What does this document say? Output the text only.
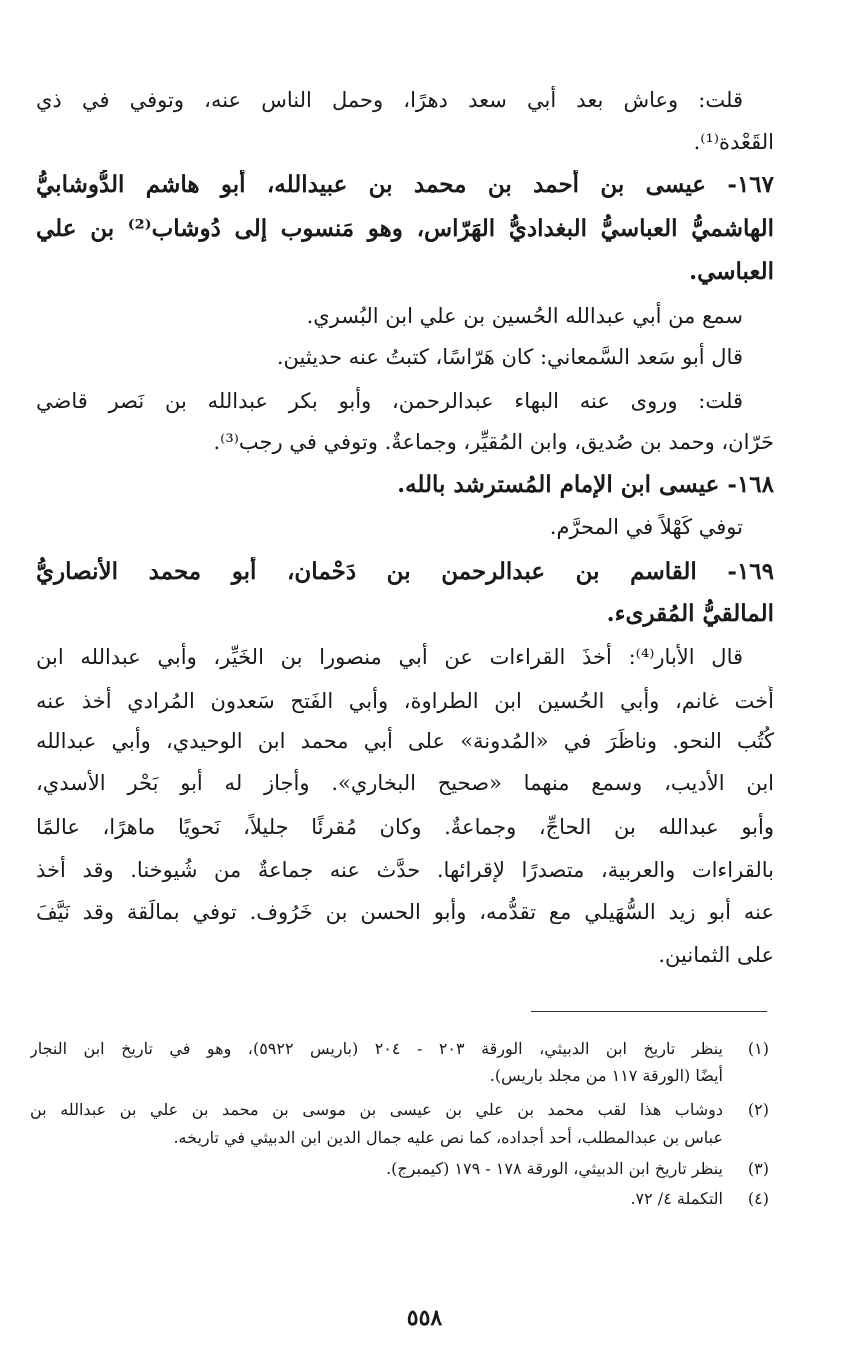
قلت: وعاش بعد أبي سعد دهرًا، وحمل الناس عنه، وتوفي في ذي
القَعْدة⁽¹⁾.
١٦٧- عيسى بن أحمد بن محمد بن عبيدالله، أبو هاشم الدُّوشابيُّ
الهاشميُّ العباسيُّ البغداديُّ الهَرّاس، وهو مَنسوب إلى دُوشاب⁽²⁾ بن علي
العباسي.
سمع من أبي عبدالله الحُسين بن علي ابن البُسري.
قال أبو سَعد السَّمعاني: كان هَرّاسًا، كتبتُ عنه حديثين.
قلت: وروى عنه البهاء عبدالرحمن، وأبو بكر عبدالله بن نَصر قاضي
حَرّان، وحمد بن صُديق، وابن المُقيِّر، وجماعةٌ. وتوفي في رجب⁽³⁾.
١٦٨- عيسى ابن الإمام المُسترشد بالله.
توفي كَهْلاً في المحرَّم.
١٦٩- القاسم بن عبدالرحمن بن دَحْمان، أبو محمد الأنصاريُّ
المالقيُّ المُقرىء.
قال الأبار⁽⁴⁾: أخذَ القراءات عن أبي منصورا بن الخَيِّر، وأبي عبدالله ابن
أُخت غانم، وأبي الحُسين ابن الطراوة، وأبي الفَتح سَعدون المُرادي أخذ عنه
كُتُب النحو. وناظَرَ في «المُدونة» على أبي محمد ابن الوحيدي، وأبي عبدالله
ابن الأديب، وسمع منهما «صحيح البخاري». وأجاز له أبو بَحْر الأسدي،
وأبو عبدالله بن الحاجِّ، وجماعةٌ. وكان مُقرئًا جليلاً، نَحويًا ماهرًا، عالمًا
بالقراءات والعربية، متصدرًا لإقرائها. حدَّث عنه جماعةٌ من شُيوخنا. وقد أخذ
عنه أبو زيد السُّهَيلي مع تقدُّمه، وأبو الحسن بن خَرُوف. توفي بمالَقة وقد نَيَّفَ
على الثمانين.
(١)
ينظر تاريخ ابن الدبيثي، الورقة ٢٠٣ - ٢٠٤ (باريس ٥٩٢٢)، وهو في تاريخ ابن النجار
أيضًا (الورقة ١١٧ من مجلد باريس).
(٢)
دوشاب هذا لقب محمد بن علي بن عيسى بن موسى بن محمد بن علي بن عبدالله بن
عباس بن عبدالمطلب، أحد أجداده، كما نص عليه جمال الدين ابن الدبيثي في تاريخه.
(٣)
ينظر تاريخ ابن الدبيثي، الورقة ١٧٨ - ١٧٩ (كيمبرج).
(٤)
التكملة ٤/ ٧٢.
٥٥٨
